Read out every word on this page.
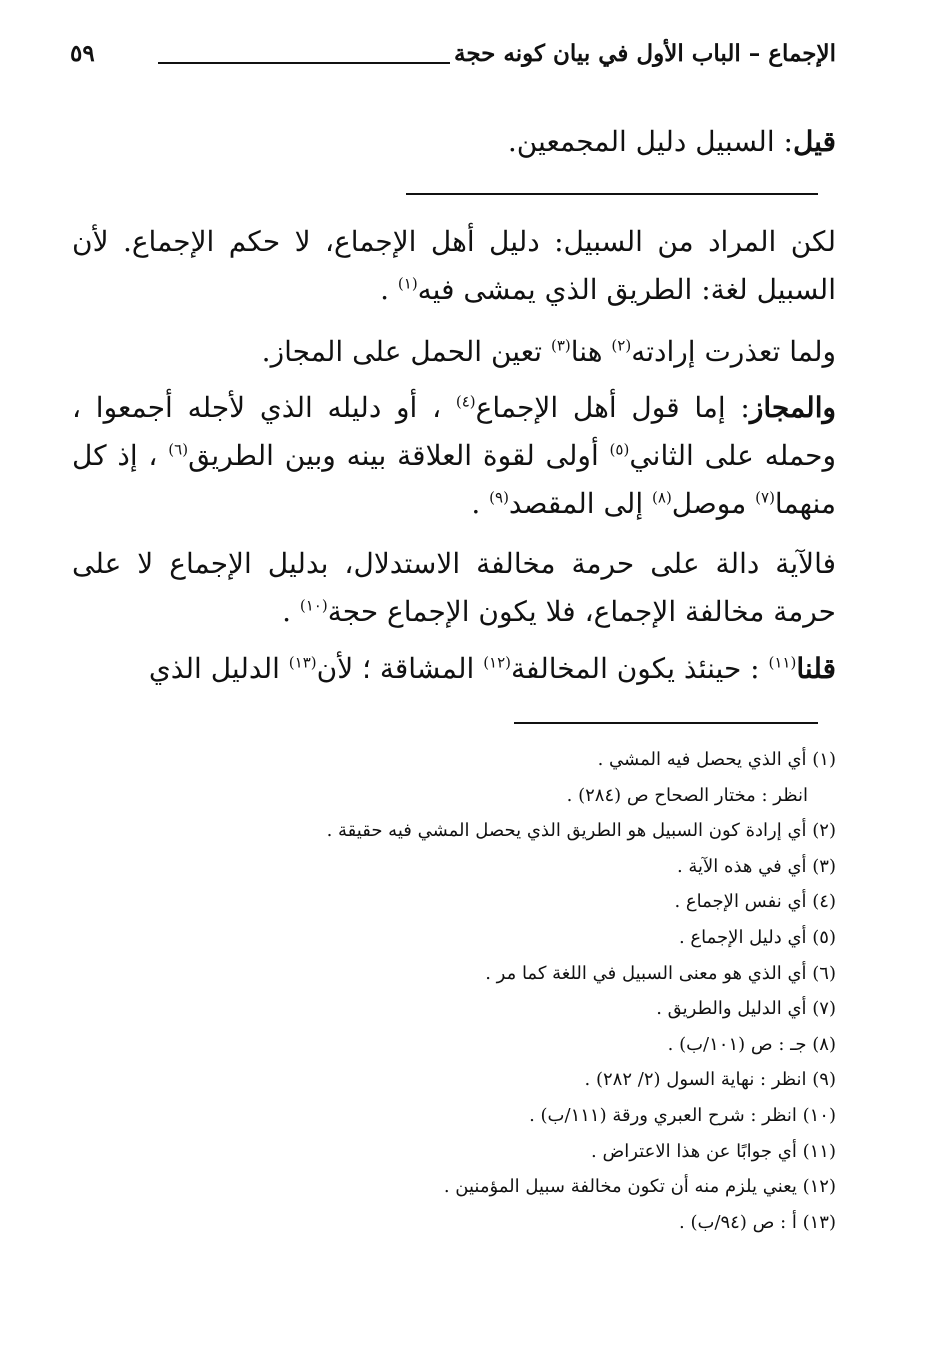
الإجماع – الباب الأول في بيان كونه حجة
٥٩

قيل: السبيل دليل المجمعين.

لكن المراد من السبيل: دليل أهل الإجماع، لا حكم الإجماع. لأن السبيل لغة: الطريق الذي يمشى فيه$^{(١)}$ .

ولما تعذرت إرادته$^{(٢)}$ هنا$^{(٣)}$ تعين الحمل على المجاز.

والمجاز: إما قول أهل الإجماع$^{(٤)}$ ، أو دليله الذي لأجله أجمعوا ، وحمله على الثاني$^{(٥)}$ أولى لقوة العلاقة بينه وبين الطريق$^{(٦)}$ ، إذ كل منهما$^{(٧)}$ موصل$^{(٨)}$ إلى المقصد$^{(٩)}$ .

فالآية دالة على حرمة مخالفة الاستدلال، بدليل الإجماع لا على حرمة مخالفة الإجماع، فلا يكون الإجماع حجة$^{(١٠)}$ .

قلنا$^{(١١)}$ : حينئذ يكون المخالفة$^{(١٢)}$ المشاقة ؛ لأن$^{(١٣)}$ الدليل الذي

(١) أي الذي يحصل فيه المشي .
انظر : مختار الصحاح ص (٢٨٤) .
(٢) أي إرادة كون السبيل هو الطريق الذي يحصل المشي فيه حقيقة .
(٣) أي في هذه الآية .
(٤) أي نفس الإجماع .
(٥) أي دليل الإجماع .
(٦) أي الذي هو معنى السبيل في اللغة كما مر .
(٧) أي الدليل والطريق .
(٨) جـ : ص (١٠١/ب) .
(٩) انظر : نهاية السول (٢/ ٢٨٢) .
(١٠) انظر : شرح العبري ورقة (١١١/ب) .
(١١) أي جوابًا عن هذا الاعتراض .
(١٢) يعني يلزم منه أن تكون مخالفة سبيل المؤمنين .
(١٣) أ : ص (٩٤/ب) .
